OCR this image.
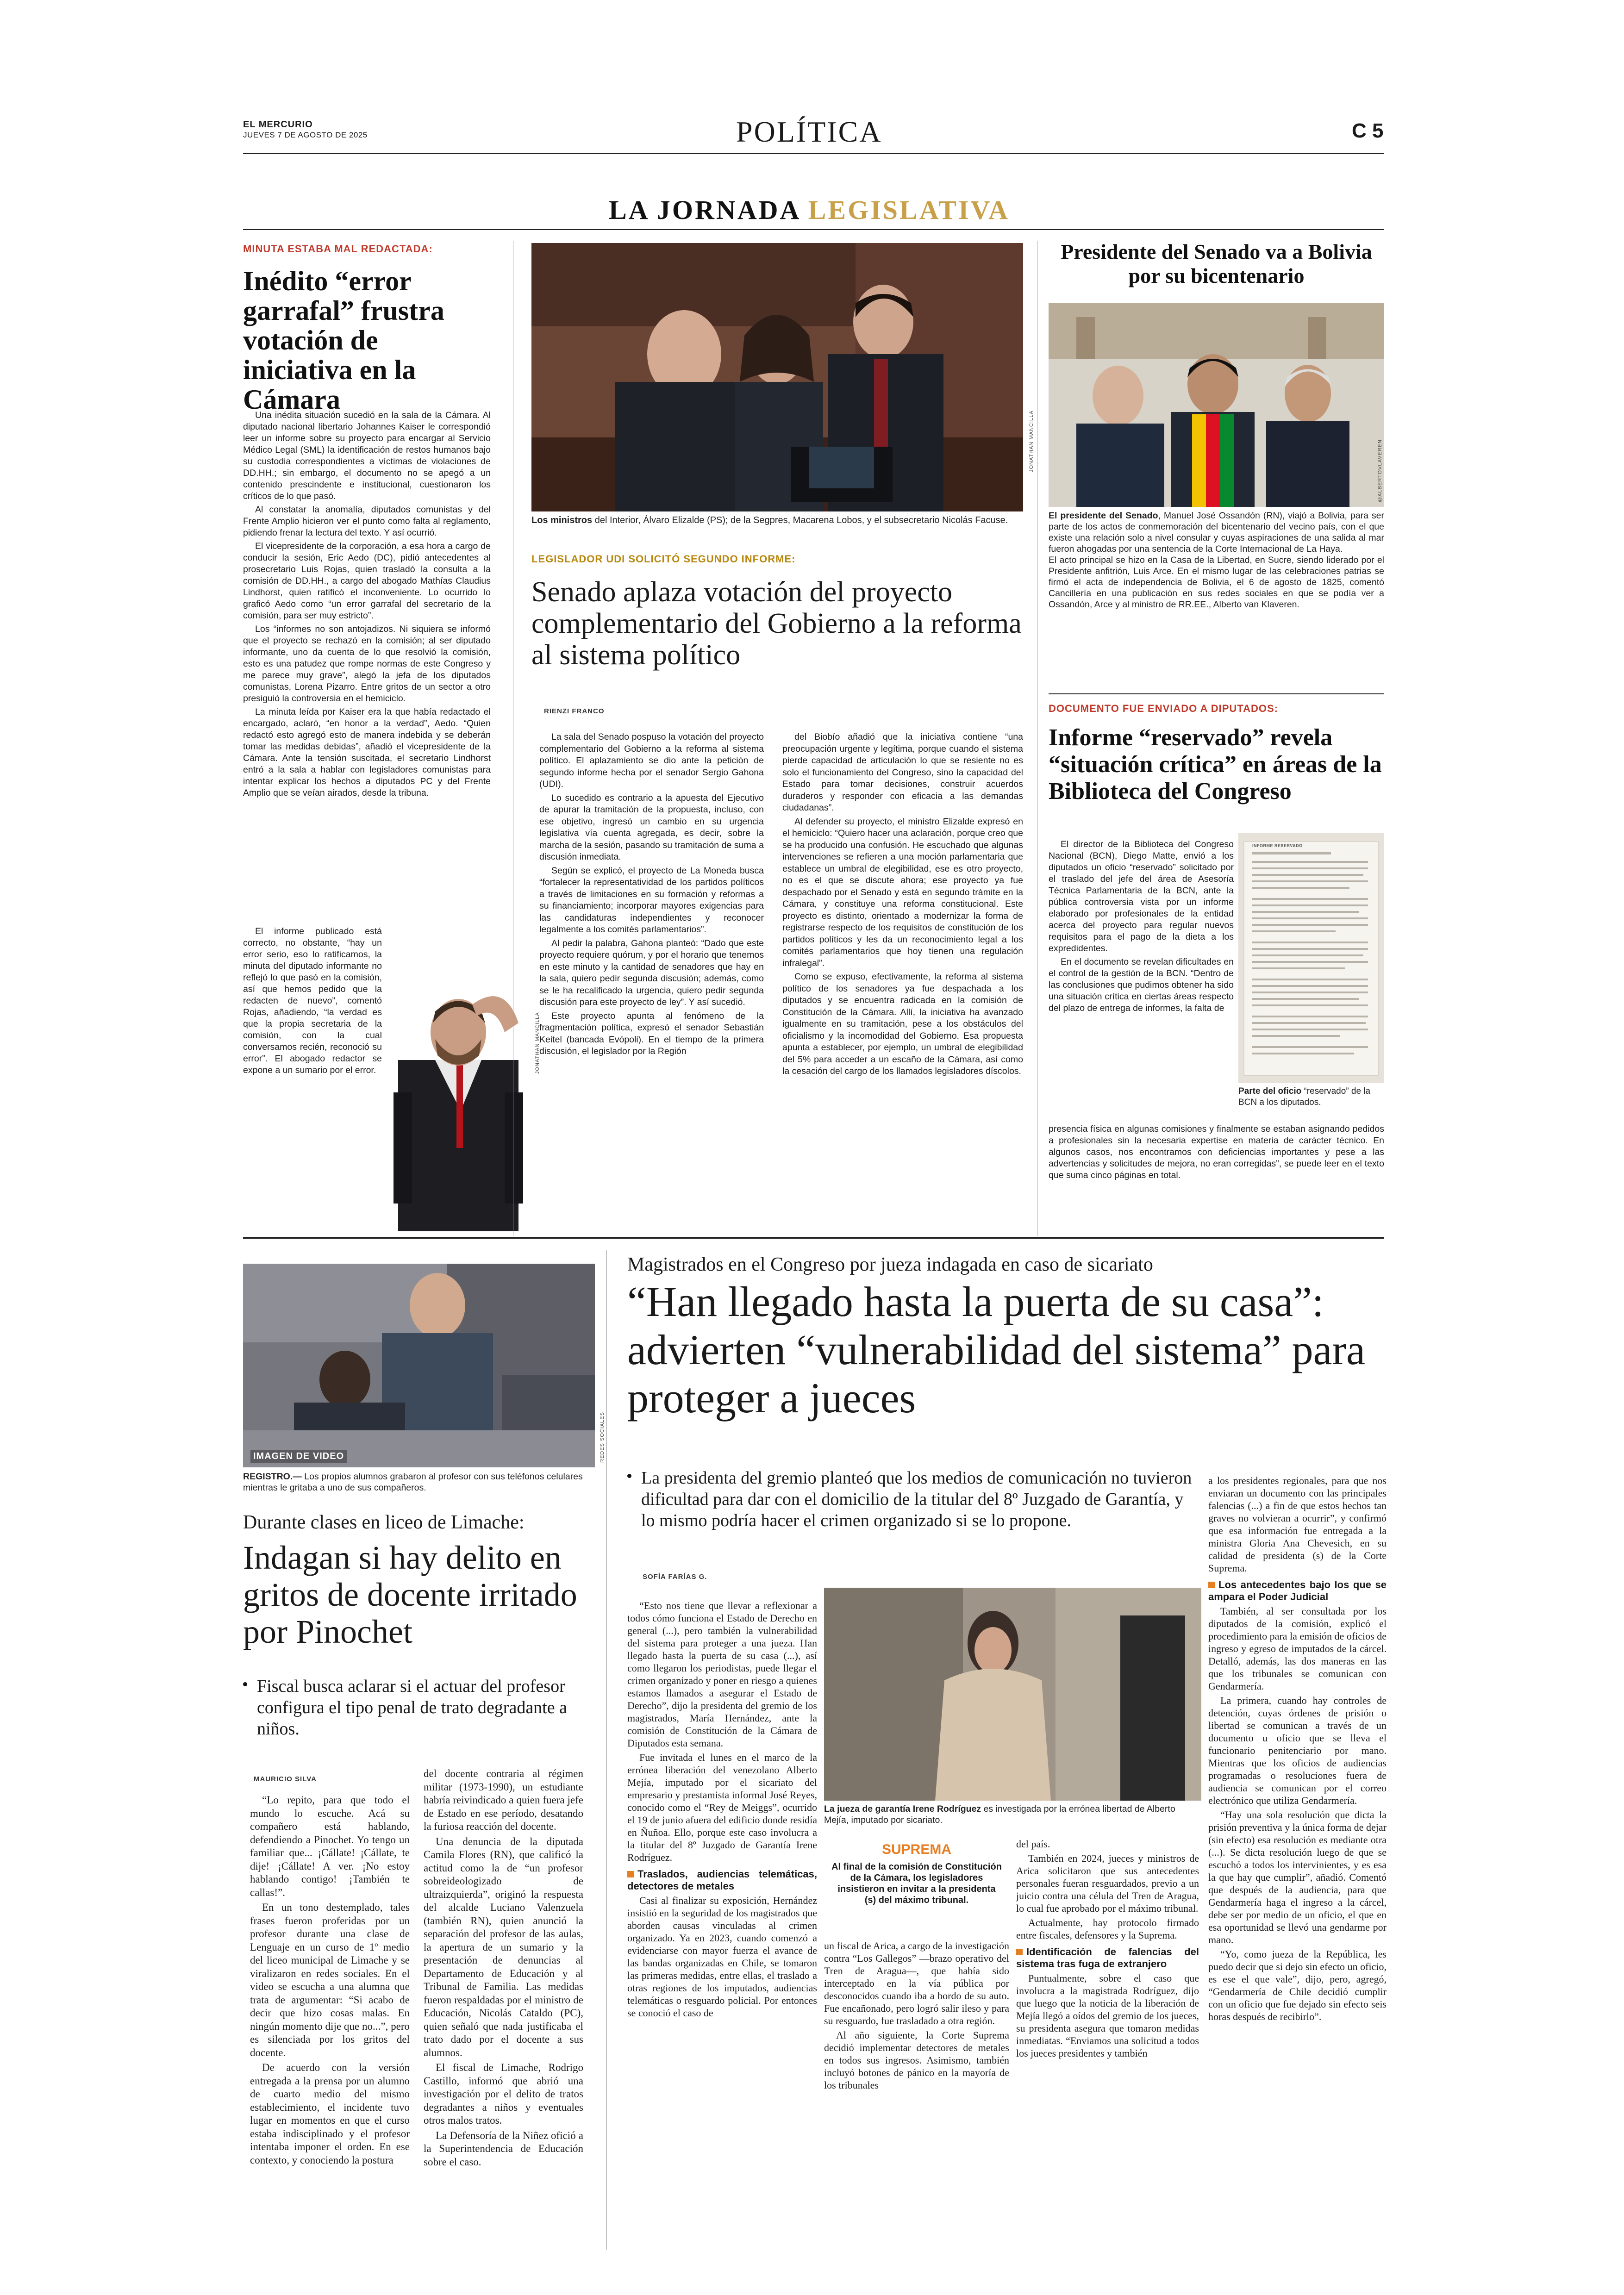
EL MERCURIO
JUEVES 7 DE AGOSTO DE 2025	POLÍTICA	C 5
LA JORNADA LEGISLATIVA
MINUTA ESTABA MAL REDACTADA:
Inédito “error garrafal” frustra votación de iniciativa en la Cámara

Una inédita situación sucedió en la sala de la Cámara. Al diputado nacional libertario Johannes Kaiser le correspondió leer un informe sobre su proyecto para encargar al Servicio Médico Legal (SML) la identificación de restos humanos bajo su custodia correspondientes a víctimas de violaciones de DD.HH.; sin embargo, el documento no se apegó a un contenido prescindente e institucional, cuestionaron los críticos de lo que pasó.

Al constatar la anomalía, diputados comunistas y del Frente Amplio hicieron ver el punto como falta al reglamento, pidiendo frenar la lectura del texto. Y así ocurrió.

El vicepresidente de la corporación, a esa hora a cargo de conducir la sesión, Eric Aedo (DC), pidió antecedentes al prosecretario Luis Rojas, quien trasladó la consulta a la comisión de DD.HH., a cargo del abogado Mathías Claudius Lindhorst, quien ratificó el inconveniente. Lo ocurrido lo graficó Aedo como “un error garrafal del secretario de la comisión, para ser muy estricto”.

Los “informes no son antojadizos. Ni siquiera se informó que el proyecto se rechazó en la comisión; al ser diputado informante, uno da cuenta de lo que resolvió la comisión, esto es una patudez que rompe normas de este Congreso y me parece muy grave”, alegó la jefa de los diputados comunistas, Lorena Pizarro. Entre gritos de un sector a otro presiguió la controversia en el hemiciclo.

La minuta leída por Kaiser era la que había redactado el encargado, aclaró, “en honor a la verdad”, Aedo. “Quien redactó esto agregó esto de manera indebida y se deberán tomar las medidas debidas”, añadió el vicepresidente de la Cámara. Ante la tensión suscitada, el secretario Lindhorst entró a la sala a hablar con legisladores comunistas para intentar explicar los hechos a diputados PC y del Frente Amplio que se veían airados, desde la tribuna.

El informe publicado está correcto, no obstante, “hay un error serio, eso lo ratificamos, la minuta del diputado informante no reflejó lo que pasó en la comisión, así que hemos pedido que la redacten de nuevo”, comentó Rojas, añadiendo, “la verdad es que la propia secretaria de la comisión, con la cual conversamos recién, reconoció su error”. El abogado redactor se expone a un sumario por el error.	JONATHAN MANCILLA
JONATHAN MANCILLA
Los ministros del Interior, Álvaro Elizalde (PS); de la Segpres, Macarena Lobos, y el subsecretario Nicolás Facuse.
LEGISLADOR UDI SOLICITÓ SEGUNDO INFORME:
Senado aplaza votación del proyecto complementario del Gobierno a la reforma al sistema político
RIENZI FRANCO

La sala del Senado pospuso la votación del proyecto complementario del Gobierno a la reforma al sistema político. El aplazamiento se dio ante la petición de segundo informe hecha por el senador Sergio Gahona (UDI).

Lo sucedido es contrario a la apuesta del Ejecutivo de apurar la tramitación de la propuesta, incluso, con ese objetivo, ingresó un cambio en su urgencia legislativa vía cuenta agregada, es decir, sobre la marcha de la sesión, pasando su tramitación de suma a discusión inmediata.

Según se explicó, el proyecto de La Moneda busca “fortalecer la representatividad de los partidos políticos a través de limitaciones en su formación y reformas a su financiamiento; incorporar mayores exigencias para las candidaturas independientes y reconocer legalmente a los comités parlamentarios”.

Al pedir la palabra, Gahona planteó: “Dado que este proyecto requiere quórum, y por el horario que tenemos en este minuto y la cantidad de senadores que hay en la sala, quiero pedir segunda discusión; además, como se le ha recalificado la urgencia, quiero pedir segunda discusión para este proyecto de ley”. Y así sucedió.

Este proyecto apunta al fenómeno de la fragmentación política, expresó el senador Sebastián Keitel (bancada Evópoli). En el tiempo de la primera discusión, el legislador por la Región

del Biobío añadió que la iniciativa contiene “una preocupación urgente y legítima, porque cuando el sistema pierde capacidad de articulación lo que se resiente no es solo el funcionamiento del Congreso, sino la capacidad del Estado para tomar decisiones, construir acuerdos duraderos y responder con eficacia a las demandas ciudadanas”.

Al defender su proyecto, el ministro Elizalde expresó en el hemiciclo: “Quiero hacer una aclaración, porque creo que se ha producido una confusión. He escuchado que algunas intervenciones se refieren a una moción parlamentaria que establece un umbral de elegibilidad, ese es otro proyecto, no es el que se discute ahora; ese proyecto ya fue despachado por el Senado y está en segundo trámite en la Cámara, y constituye una reforma constitucional. Este proyecto es distinto, orientado a modernizar la forma de registrarse respecto de los requisitos de constitución de los partidos políticos y les da un reconocimiento legal a los comités parlamentarios que hoy tienen una regulación infralegal”.

Como se expuso, efectivamente, la reforma al sistema político de los senadores ya fue despachada a los diputados y se encuentra radicada en la comisión de Constitución de la Cámara. Allí, la iniciativa ha avanzado igualmente en su tramitación, pese a los obstáculos del oficialismo y la incomodidad del Gobierno. Esa propuesta apunta a establecer, por ejemplo, un umbral de elegibilidad del 5% para acceder a un escaño de la Cámara, así como la cesación del cargo de los llamados legisladores díscolos.

Presidente del Senado va a Bolivia por su bicentenario
@ALBERTOVLAVEREN
El presidente del Senado, Manuel José Ossandón (RN), viajó a Bolivia, para ser parte de los actos de conmemoración del bicentenario del vecino país, con el que existe una relación solo a nivel consular y cuyas aspiraciones de una salida al mar fueron ahogadas por una sentencia de la Corte Internacional de La Haya.
El acto principal se hizo en la Casa de la Libertad, en Sucre, siendo liderado por el Presidente anfitrión, Luis Arce. En el mismo lugar de las celebraciones patrias se firmó el acta de independencia de Bolivia, el 6 de agosto de 1825, comentó Cancillería en una publicación en sus redes sociales en que se podía ver a Ossandón, Arce y al ministro de RR.EE., Alberto van Klaveren.
DOCUMENTO FUE ENVIADO A DIPUTADOS:
Informe “reservado” revela “situación crítica” en áreas de la Biblioteca del Congreso

El director de la Biblioteca del Congreso Nacional (BCN), Diego Matte, envió a los diputados un oficio “reservado” solicitado por el traslado del jefe del área de Asesoría Técnica Parlamentaria de la BCN, ante la pública controversia vista por un informe elaborado por profesionales de la entidad acerca del proyecto para regular nuevos requisitos para el pago de la dieta a los expredidentes.

En el documento se revelan dificultades en el control de la gestión de la BCN. “Dentro de las conclusiones que pudimos obtener ha sido una situación crítica en ciertas áreas respecto del plazo de entrega de informes, la falta de

INFORME RESERVADO
Parte del oficio “reservado” de la BCN a los diputados.

presencia física en algunas comisiones y finalmente se estaban asignando pedidos a profesionales sin la necesaria expertise en materia de carácter técnico. En algunos casos, nos encontramos con deficiencias importantes y pese a las advertencias y solicitudes de mejora, no eran corregidas”, se puede leer en el texto que suma cinco páginas en total.

IMAGEN DE VIDEO	REDES SOCIALES
REGISTRO.— Los propios alumnos grabaron al profesor con sus teléfonos celulares mientras le gritaba a uno de sus compañeros.
Durante clases en liceo de Limache:
Indagan si hay delito en gritos de docente irritado por Pinochet
Fiscal busca aclarar si el actuar del profesor configura el tipo penal de trato degradante a niños.
MAURICIO SILVA

“Lo repito, para que todo el mundo lo escuche. Acá su compañero está hablando, defendiendo a Pinochet. Yo tengo un familiar que... ¡Cállate! ¡Cállate, te dije! ¡Cállate! A ver. ¡No estoy hablando contigo! ¡También te callas!”.

En un tono destemplado, tales frases fueron proferidas por un profesor durante una clase de Lenguaje en un curso de 1º medio del liceo municipal de Limache y se viralizaron en redes sociales. En el video se escucha a una alumna que trata de argumentar: “Si acabo de decir que hizo cosas malas. En ningún momento dije que no...”, pero es silenciada por los gritos del docente.

De acuerdo con la versión entregada a la prensa por un alumno de cuarto medio del mismo establecimiento, el incidente tuvo lugar en momentos en que el curso estaba indisciplinado y el profesor intentaba imponer el orden. En ese contexto, y conociendo la postura

del docente contraria al régimen militar (1973-1990), un estudiante habría reivindicado a quien fuera jefe de Estado en ese período, desatando la furiosa reacción del docente.

Una denuncia de la diputada Camila Flores (RN), que calificó la actitud como la de “un profesor sobreideologizado de ultraizquierda”, originó la respuesta del alcalde Luciano Valenzuela (también RN), quien anunció la separación del profesor de las aulas, la apertura de un sumario y la presentación de denuncias al Departamento de Educación y al Tribunal de Familia. Las medidas fueron respaldadas por el ministro de Educación, Nicolás Cataldo (PC), quien señaló que nada justificaba el trato dado por el docente a sus alumnos.

El fiscal de Limache, Rodrigo Castillo, informó que abrió una investigación por el delito de tratos degradantes a niños y eventuales otros malos tratos.

La Defensoría de la Niñez ofició a la Superintendencia de Educación sobre el caso.

Magistrados en el Congreso por jueza indagada en caso de sicariato
“Han llegado hasta la puerta de su casa”: advierten “vulnerabilidad del sistema” para proteger a jueces
La presidenta del gremio planteó que los medios de comunicación no tuvieron dificultad para dar con el domicilio de la titular del 8º Juzgado de Garantía, y lo mismo podría hacer el crimen organizado si se lo propone.
SOFÍA FARÍAS G.

“Esto nos tiene que llevar a reflexionar a todos cómo funciona el Estado de Derecho en general (...), pero también la vulnerabilidad del sistema para proteger a una jueza. Han llegado hasta la puerta de su casa (...), así como llegaron los periodistas, puede llegar el crimen organizado y poner en riesgo a quienes estamos llamados a asegurar el Estado de Derecho”, dijo la presidenta del gremio de los magistrados, María Hernández, ante la comisión de Constitución de la Cámara de Diputados esta semana.

Fue invitada el lunes en el marco de la errónea liberación del venezolano Alberto Mejía, imputado por el sicariato del empresario y prestamista informal José Reyes, conocido como el “Rey de Meiggs”, ocurrido el 19 de junio afuera del edificio donde residía en Ñuñoa. Ello, porque este caso involucra a la titular del 8º Juzgado de Garantía Irene Rodríguez.

Traslados, audiencias telemáticas, detectores de metales

Casi al finalizar su exposición, Hernández insistió en la seguridad de los magistrados que aborden causas vinculadas al crimen organizado. Ya en 2023, cuando comenzó a evidenciarse con mayor fuerza el avance de las bandas organizadas en Chile, se tomaron las primeras medidas, entre ellas, el traslado a otras regiones de los imputados, audiencias telemáticas o resguardo policial. Por entonces se conoció el caso de

La jueza de garantía Irene Rodríguez es investigada por la errónea libertad de Alberto Mejía, imputado por sicariato.
SUPREMA
Al final de la comisión de Constitución de la Cámara, los legisladores insistieron en invitar a la presidenta (s) del máximo tribunal.

un fiscal de Arica, a cargo de la investigación contra “Los Gallegos” —brazo operativo del Tren de Aragua—, que había sido interceptado en la vía pública por desconocidos cuando iba a bordo de su auto. Fue encañonado, pero logró salir ileso y para su resguardo, fue trasladado a otra región.

Al año siguiente, la Corte Suprema decidió implementar detectores de metales en todos sus ingresos. Asimismo, también incluyó botones de pánico en la mayoría de los tribunales

del país.

También en 2024, jueces y ministros de Arica solicitaron que sus antecedentes personales fueran resguardados, previo a un juicio contra una célula del Tren de Aragua, lo cual fue aprobado por el máximo tribunal.

Actualmente, hay protocolo firmado entre fiscales, defensores y la Suprema.

Identificación de falencias del sistema tras fuga de extranjero

Puntualmente, sobre el caso que involucra a la magistrada Rodríguez, dijo que luego que la noticia de la liberación de Mejía llegó a oídos del gremio de los jueces, su presidenta asegura que tomaron medidas inmediatas. “Enviamos una solicitud a todos los jueces presidentes y también

a los presidentes regionales, para que nos enviaran un documento con las principales falencias (...) a fin de que estos hechos tan graves no volvieran a ocurrir”, y confirmó que esa información fue entregada a la ministra Gloria Ana Chevesich, en su calidad de presidenta (s) de la Corte Suprema.

Los antecedentes bajo los que se ampara el Poder Judicial

También, al ser consultada por los diputados de la comisión, explicó el procedimiento para la emisión de oficios de ingreso y egreso de imputados de la cárcel. Detalló, además, las dos maneras en las que los tribunales se comunican con Gendarmería.

La primera, cuando hay controles de detención, cuyas órdenes de prisión o libertad se comunican a través de un documento u oficio que se lleva el funcionario penitenciario por mano. Mientras que los oficios de audiencias programadas o resoluciones fuera de audiencia se comunican por el correo electrónico que utiliza Gendarmería.

“Hay una sola resolución que dicta la prisión preventiva y la única forma de dejar (sin efecto) esa resolución es mediante otra (...). Se dicta resolución luego de que se escuchó a todos los intervinientes, y es esa la que hay que cumplir”, añadió. Comentó que después de la audiencia, para que Gendarmería haga el ingreso a la cárcel, debe ser por medio de un oficio, el que en esa oportunidad se llevó una gendarme por mano.

“Yo, como jueza de la República, les puedo decir que si dejo sin efecto un oficio, es ese el que vale”, dijo, pero, agregó, “Gendarmería de Chile decidió cumplir con un oficio que fue dejado sin efecto seis horas después de recibirlo”.
